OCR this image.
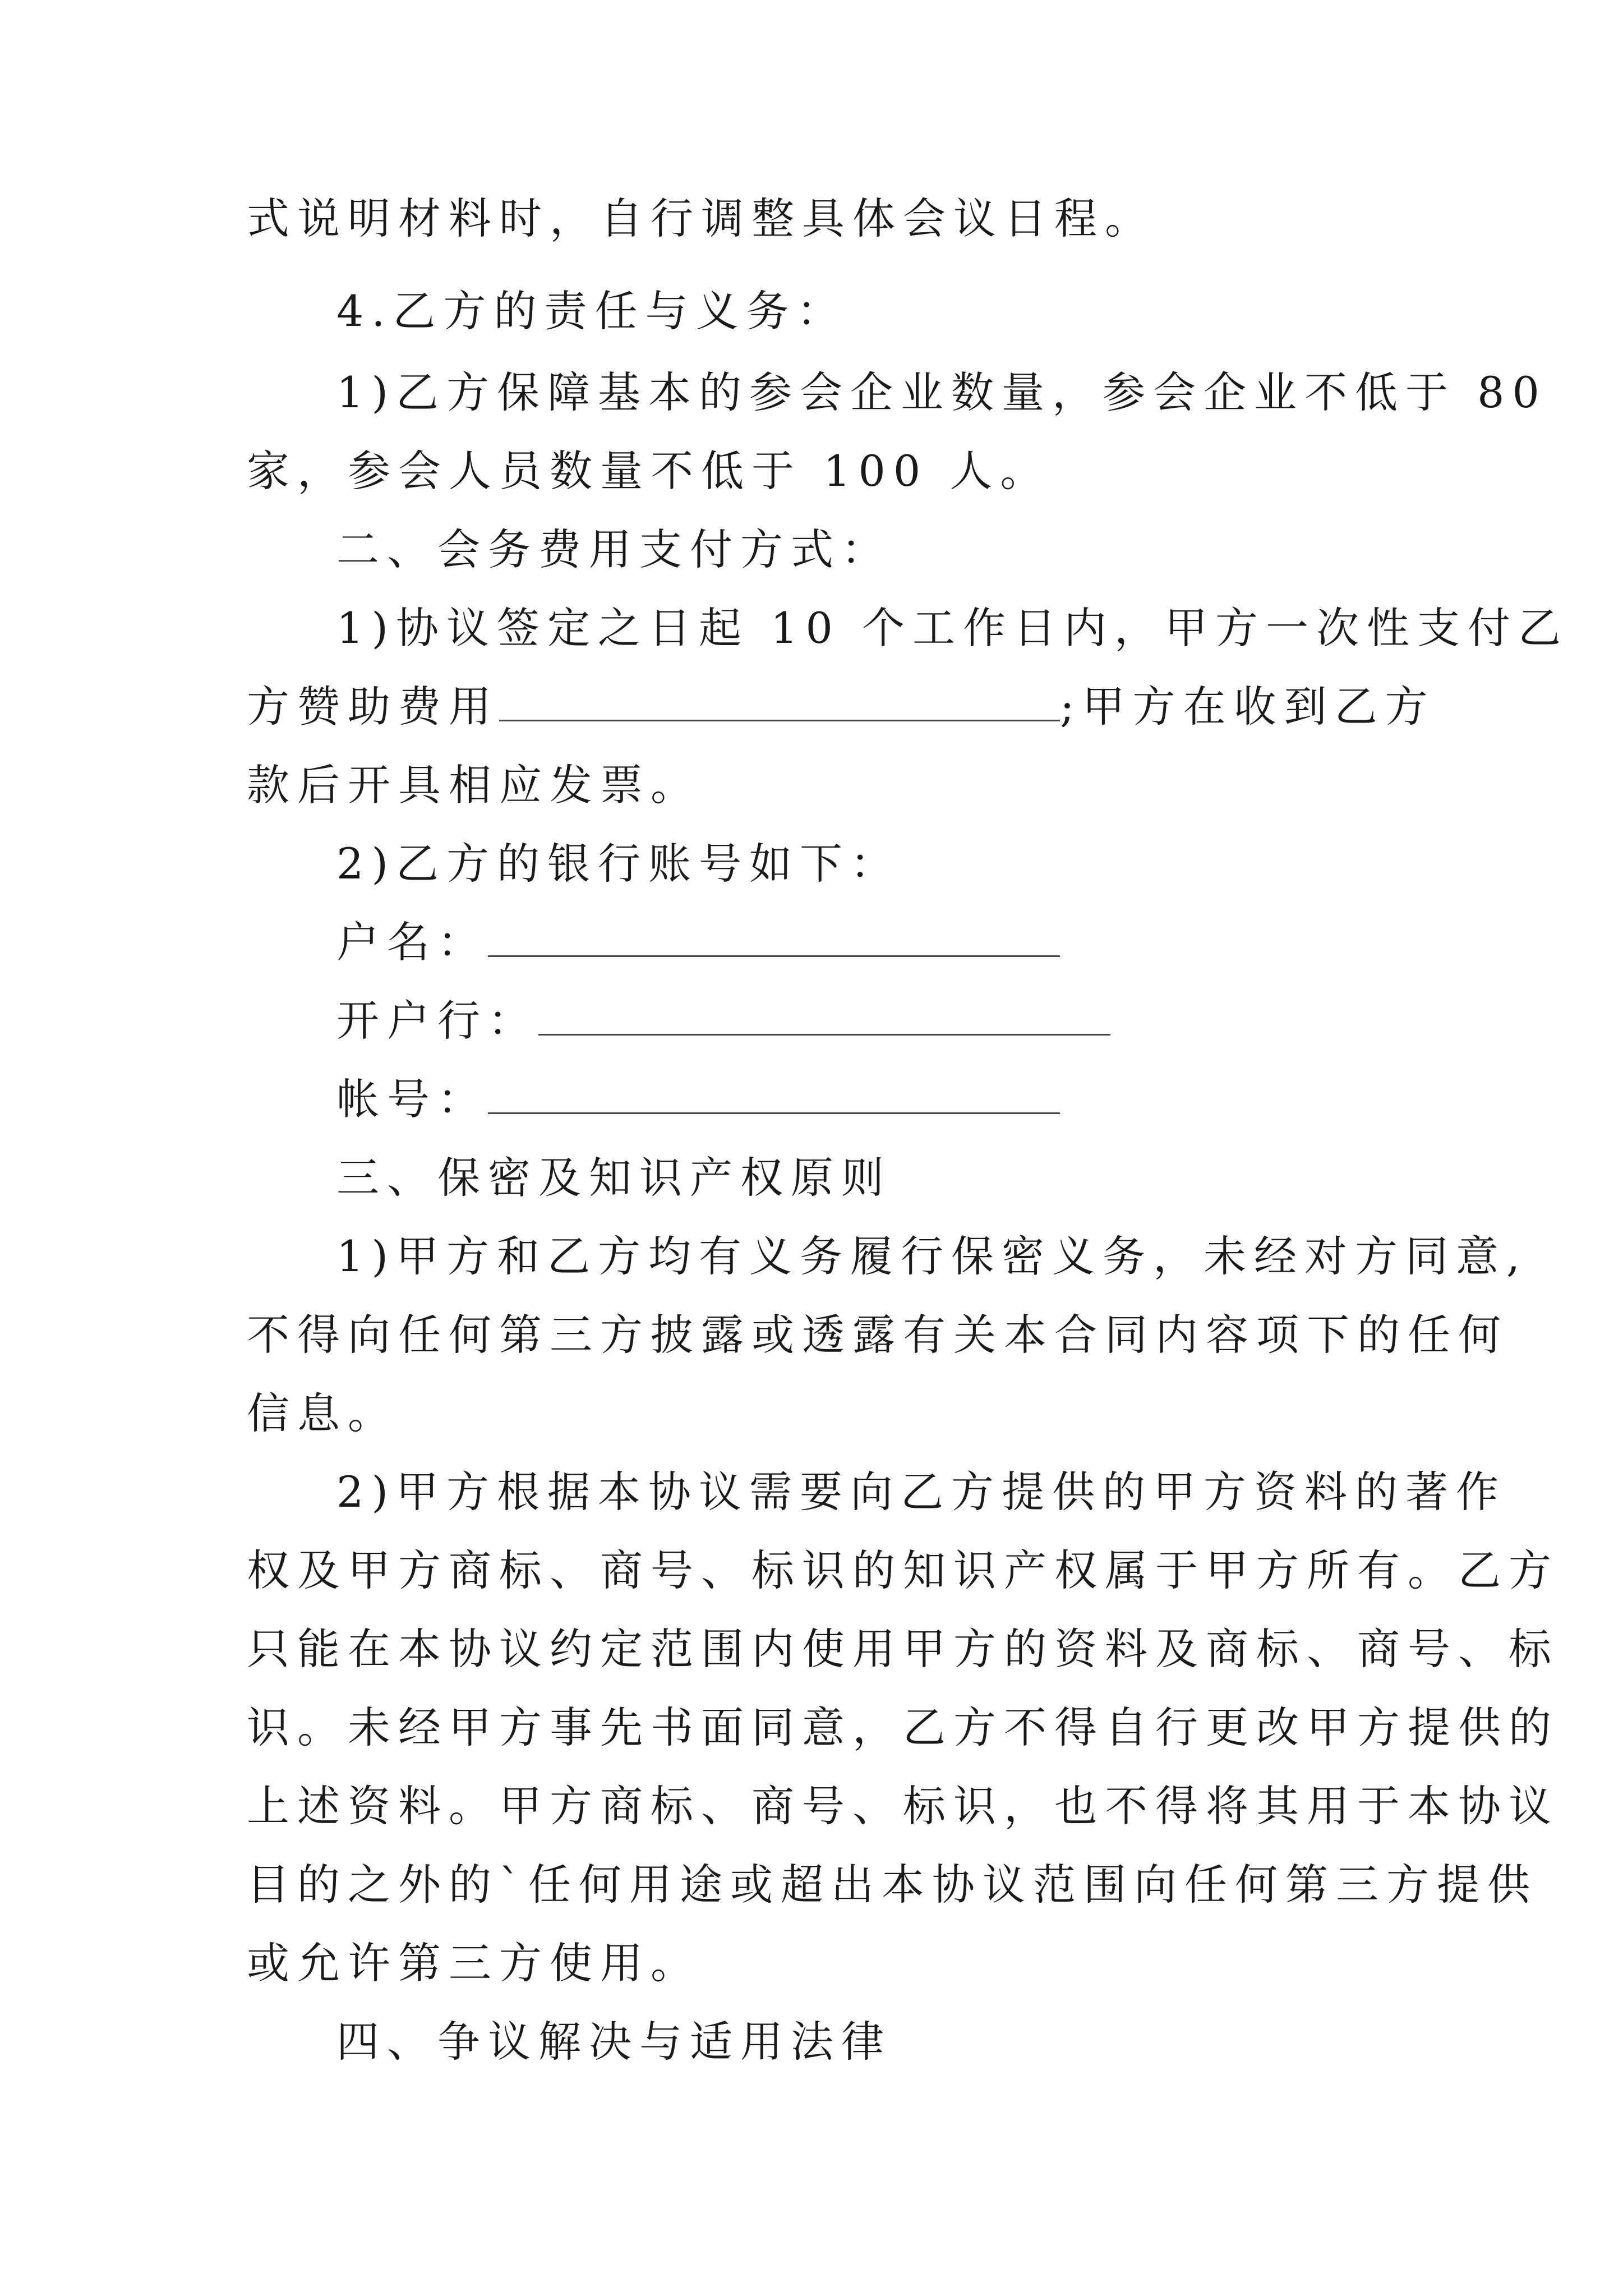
式说明材料时，自行调整具体会议日程。
4.乙方的责任与义务：
1)乙方保障基本的参会企业数量，参会企业不低于 80
家，参会人员数量不低于 100 人。
二、会务费用支付方式：
1)协议签定之日起 10 个工作日内，甲方一次性支付乙
方赞助费用	;甲方在收到乙方
款后开具相应发票。
2)乙方的银行账号如下：
户名：
开户行：
帐号：
三、保密及知识产权原则
1)甲方和乙方均有义务履行保密义务，未经对方同意,
不得向任何第三方披露或透露有关本合同内容项下的任何
信息。
2)甲方根据本协议需要向乙方提供的甲方资料的著作
权及甲方商标、商号、标识的知识产权属于甲方所有。乙方
只能在本协议约定范围内使用甲方的资料及商标、商号、标
识。未经甲方事先书面同意，乙方不得自行更改甲方提供的
上述资料。甲方商标、商号、标识，也不得将其用于本协议
目的之外的`任何用途或超出本协议范围向任何第三方提供
或允许第三方使用。
四、争议解决与适用法律
